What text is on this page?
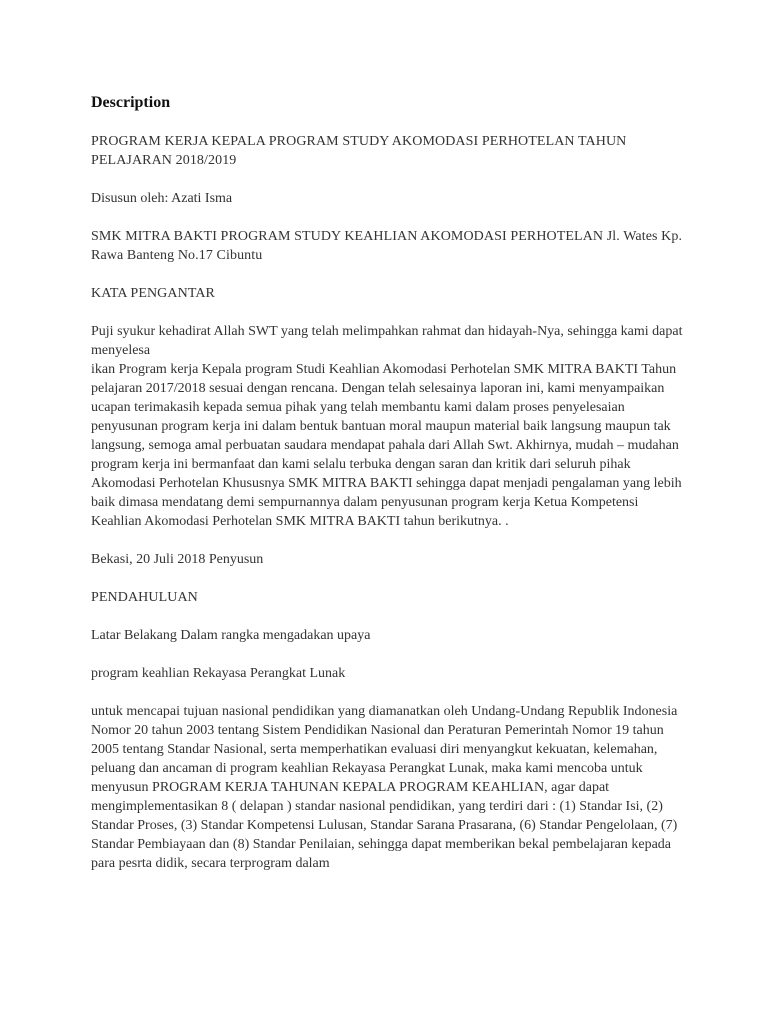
Description

PROGRAM KERJA KEPALA PROGRAM STUDY AKOMODASI PERHOTELAN TAHUN PELAJARAN 2018/2019

Disusun oleh: Azati Isma

SMK MITRA BAKTI PROGRAM STUDY KEAHLIAN AKOMODASI PERHOTELAN Jl. Wates Kp. Rawa Banteng No.17 Cibuntu

KATA PENGANTAR

Puji syukur kehadirat Allah SWT yang telah melimpahkan rahmat dan hidayah-Nya, sehingga kami dapat menyelesa

ikan Program kerja Kepala program Studi Keahlian Akomodasi Perhotelan SMK MITRA BAKTI Tahun pelajaran 2017/2018 sesuai dengan rencana. Dengan telah selesainya laporan ini, kami menyampaikan ucapan terimakasih kepada semua pihak yang telah membantu kami dalam proses penyelesaian penyusunan program kerja ini dalam bentuk bantuan moral maupun material baik langsung maupun tak langsung, semoga amal perbuatan saudara mendapat pahala dari Allah Swt. Akhirnya, mudah – mudahan program kerja ini bermanfaat dan kami selalu terbuka dengan saran dan kritik dari seluruh pihak Akomodasi Perhotelan Khususnya SMK MITRA BAKTI sehingga dapat menjadi pengalaman yang lebih baik dimasa mendatang demi sempurnannya dalam penyusunan program kerja Ketua Kompetensi Keahlian Akomodasi Perhotelan SMK MITRA BAKTI tahun berikutnya. .

Bekasi, 20 Juli 2018 Penyusun

PENDAHULUAN

Latar Belakang Dalam rangka mengadakan upaya

program keahlian Rekayasa Perangkat Lunak

untuk mencapai tujuan nasional pendidikan yang diamanatkan oleh Undang-Undang Republik Indonesia Nomor 20 tahun 2003 tentang Sistem Pendidikan Nasional dan Peraturan Pemerintah Nomor 19 tahun 2005 tentang Standar Nasional, serta memperhatikan evaluasi diri menyangkut kekuatan, kelemahan, peluang dan ancaman di program keahlian Rekayasa Perangkat Lunak, maka kami mencoba untuk menyusun PROGRAM KERJA TAHUNAN KEPALA PROGRAM KEAHLIAN, agar dapat mengimplementasikan 8 ( delapan ) standar nasional pendidikan, yang terdiri dari : (1) Standar Isi, (2) Standar Proses, (3) Standar Kompetensi Lulusan, Standar Sarana Prasarana, (6) Standar Pengelolaan, (7) Standar Pembiayaan dan (8) Standar Penilaian, sehingga dapat memberikan bekal pembelajaran kepada para pesrta didik, secara terprogram dalam
